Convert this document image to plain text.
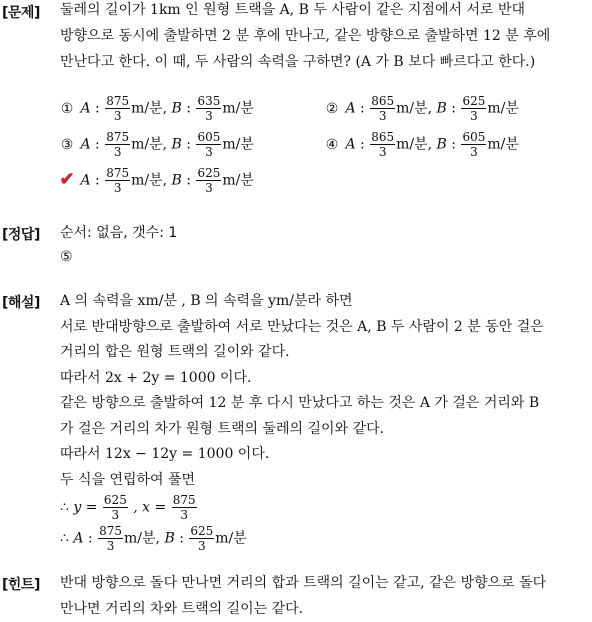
[문제] 둘레의 길이가 1km 인 원형 트랙을 A, B 두 사람이 같은 지점에서 서로 반대
방향으로 동시에 출발하면 2 분 후에 만나고, 같은 방향으로 출발하면 12 분 후에
만난다고 한다. 이 때, 두 사람의 속력을 구하면? (A 가 B 보다 빠르다고 한다.)
① A : $\frac{875}{3} m/$분, B : $\frac{635}{3} m/$분	② A : $\frac{865}{3} m/$분, B : $\frac{625}{3} m/$분
③ A : $\frac{875}{3} m/$분, B : $\frac{605}{3} m/$분	④ A : $\frac{865}{3} m/$분, B : $\frac{605}{3} m/$분
✔ A : $\frac{875}{3} m/$분, B : $\frac{625}{3} m/$분
[정답] 순서: 없음, 갯수: 1
⑤
[해설] A 의 속력을 xm/분 , B 의 속력을 ym/분라 하면
서로 반대방향으로 출발하여 서로 만났다는 것은 A, B 두 사람이 2 분 동안 걸은
거리의 합은 원형 트랙의 길이와 같다.
따라서 2x + 2y = 1000 이다.
같은 방향으로 출발하여 12 분 후 다시 만났다고 하는 것은 A 가 걸은 거리와 B
가 걸은 거리의 차가 원형 트랙의 둘레의 길이와 같다.
따라서 12x − 12y = 1000 이다.
두 식을 연립하여 풀면
∴ $y = \frac{625}{3}$ , $x = \frac{875}{3}$
∴ A : $\frac{875}{3} m/$분, B : $\frac{625}{3} m/$분
[힌트] 반대 방향으로 돌다 만나면 거리의 합과 트랙의 길이는 같고, 같은 방향으로 돌다
만나면 거리의 차와 트랙의 길이는 같다.
